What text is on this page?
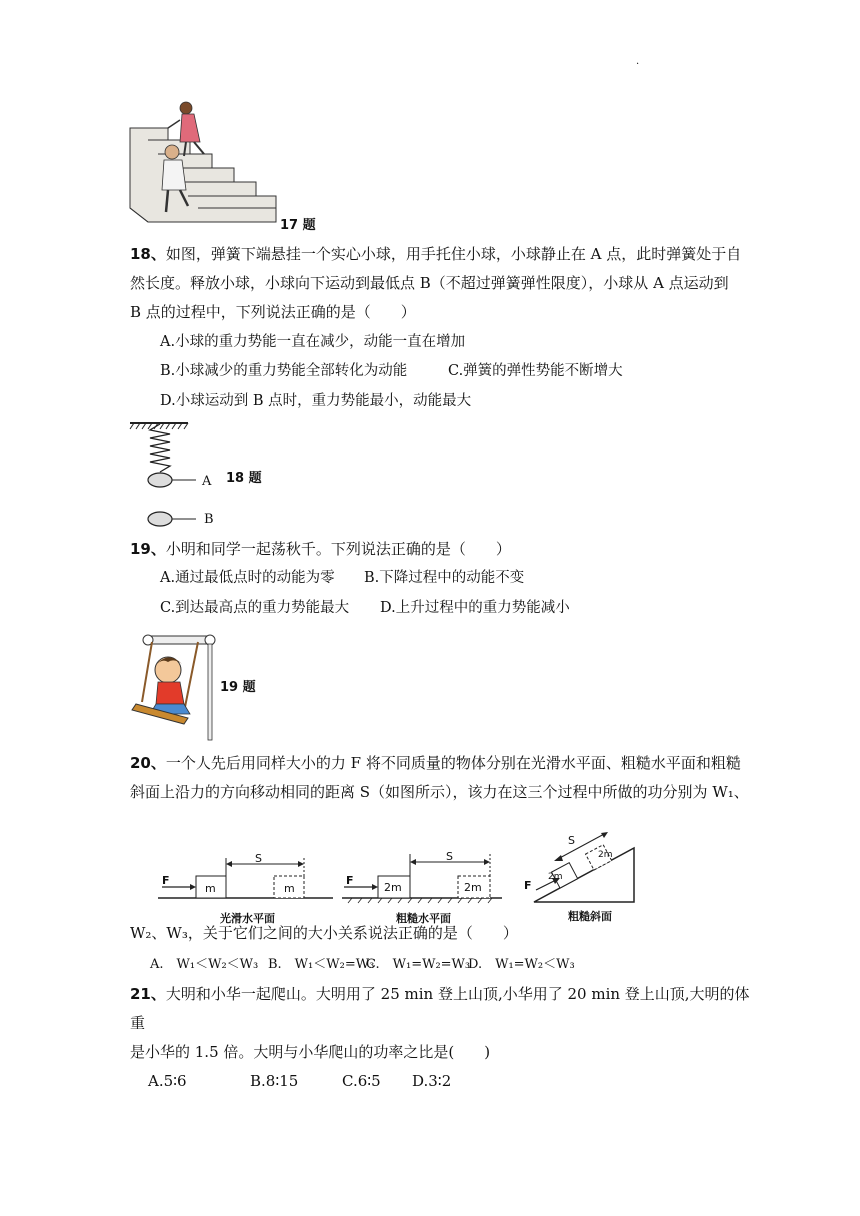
.
17 题
18、如图，弹簧下端悬挂一个实心小球，用手托住小球，小球静止在 A 点，此时弹簧处于自
然长度。释放小球，小球向下运动到最低点 B（不超过弹簧弹性限度），小球从 A 点运动到
B 点的过程中，下列说法正确的是（　　）
A.小球的重力势能一直在减少，动能一直在增加
B.小球减少的重力势能全部转化为动能	C.弹簧的弹性势能不断增大
D.小球运动到 B 点时，重力势能最小，动能最大
A
B
18 题
19、小明和同学一起荡秋千。下列说法正确的是（　　）
A.通过最低点时的动能为零 B.下降过程中的动能不变
C.到达最高点的重力势能最大 D.上升过程中的重力势能减小
19 题
20、一个人先后用同样大小的力 F 将不同质量的物体分别在光滑水平面、粗糙水平面和粗糙
斜面上沿力的方向移动相同的距离 S（如图所示），该力在这三个过程中所做的功分别为 W₁、
F
S
m	m
光滑水平面
F
S
2m	2m
粗糙水平面
F
S
2m
2m
粗糙斜面
W₂、W₃，关于它们之间的大小关系说法正确的是（　　）
A.　W₁＜W₂＜W₃ B.　W₁＜W₂=W₃
C.　W₁=W₂=W₃
D.　W₁=W₂＜W₃
21、大明和小华一起爬山。大明用了 25 min 登上山顶,小华用了 20 min 登上山顶,大明的体
重
是小华的 1.5 倍。大明与小华爬山的功率之比是(　　)
A.5∶6	B.8∶15	C.6∶5 D.3∶2
